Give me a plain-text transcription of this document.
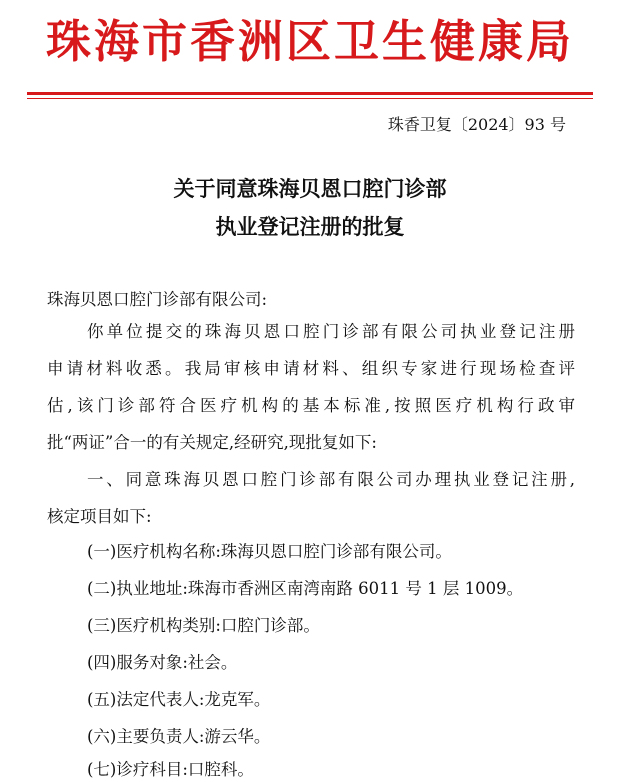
珠海市香洲区卫生健康局
珠香卫复〔2024〕93 号
关于同意珠海贝恩口腔门诊部
执业登记注册的批复
珠海贝恩口腔门诊部有限公司:
你单位提交的珠海贝恩口腔门诊部有限公司执业登记注册
申请材料收悉。我局审核申请材料、组织专家进行现场检查评
估,该门诊部符合医疗机构的基本标准,按照医疗机构行政审
批“两证”合一的有关规定,经研究,现批复如下:
一、同意珠海贝恩口腔门诊部有限公司办理执业登记注册,
核定项目如下:
(一)医疗机构名称:珠海贝恩口腔门诊部有限公司。
(二)执业地址:珠海市香洲区南湾南路 6011 号 1 层 1009。
(三)医疗机构类别:口腔门诊部。
(四)服务对象:社会。
(五)法定代表人:龙克军。
(六)主要负责人:游云华。
(七)诊疗科目:口腔科。
